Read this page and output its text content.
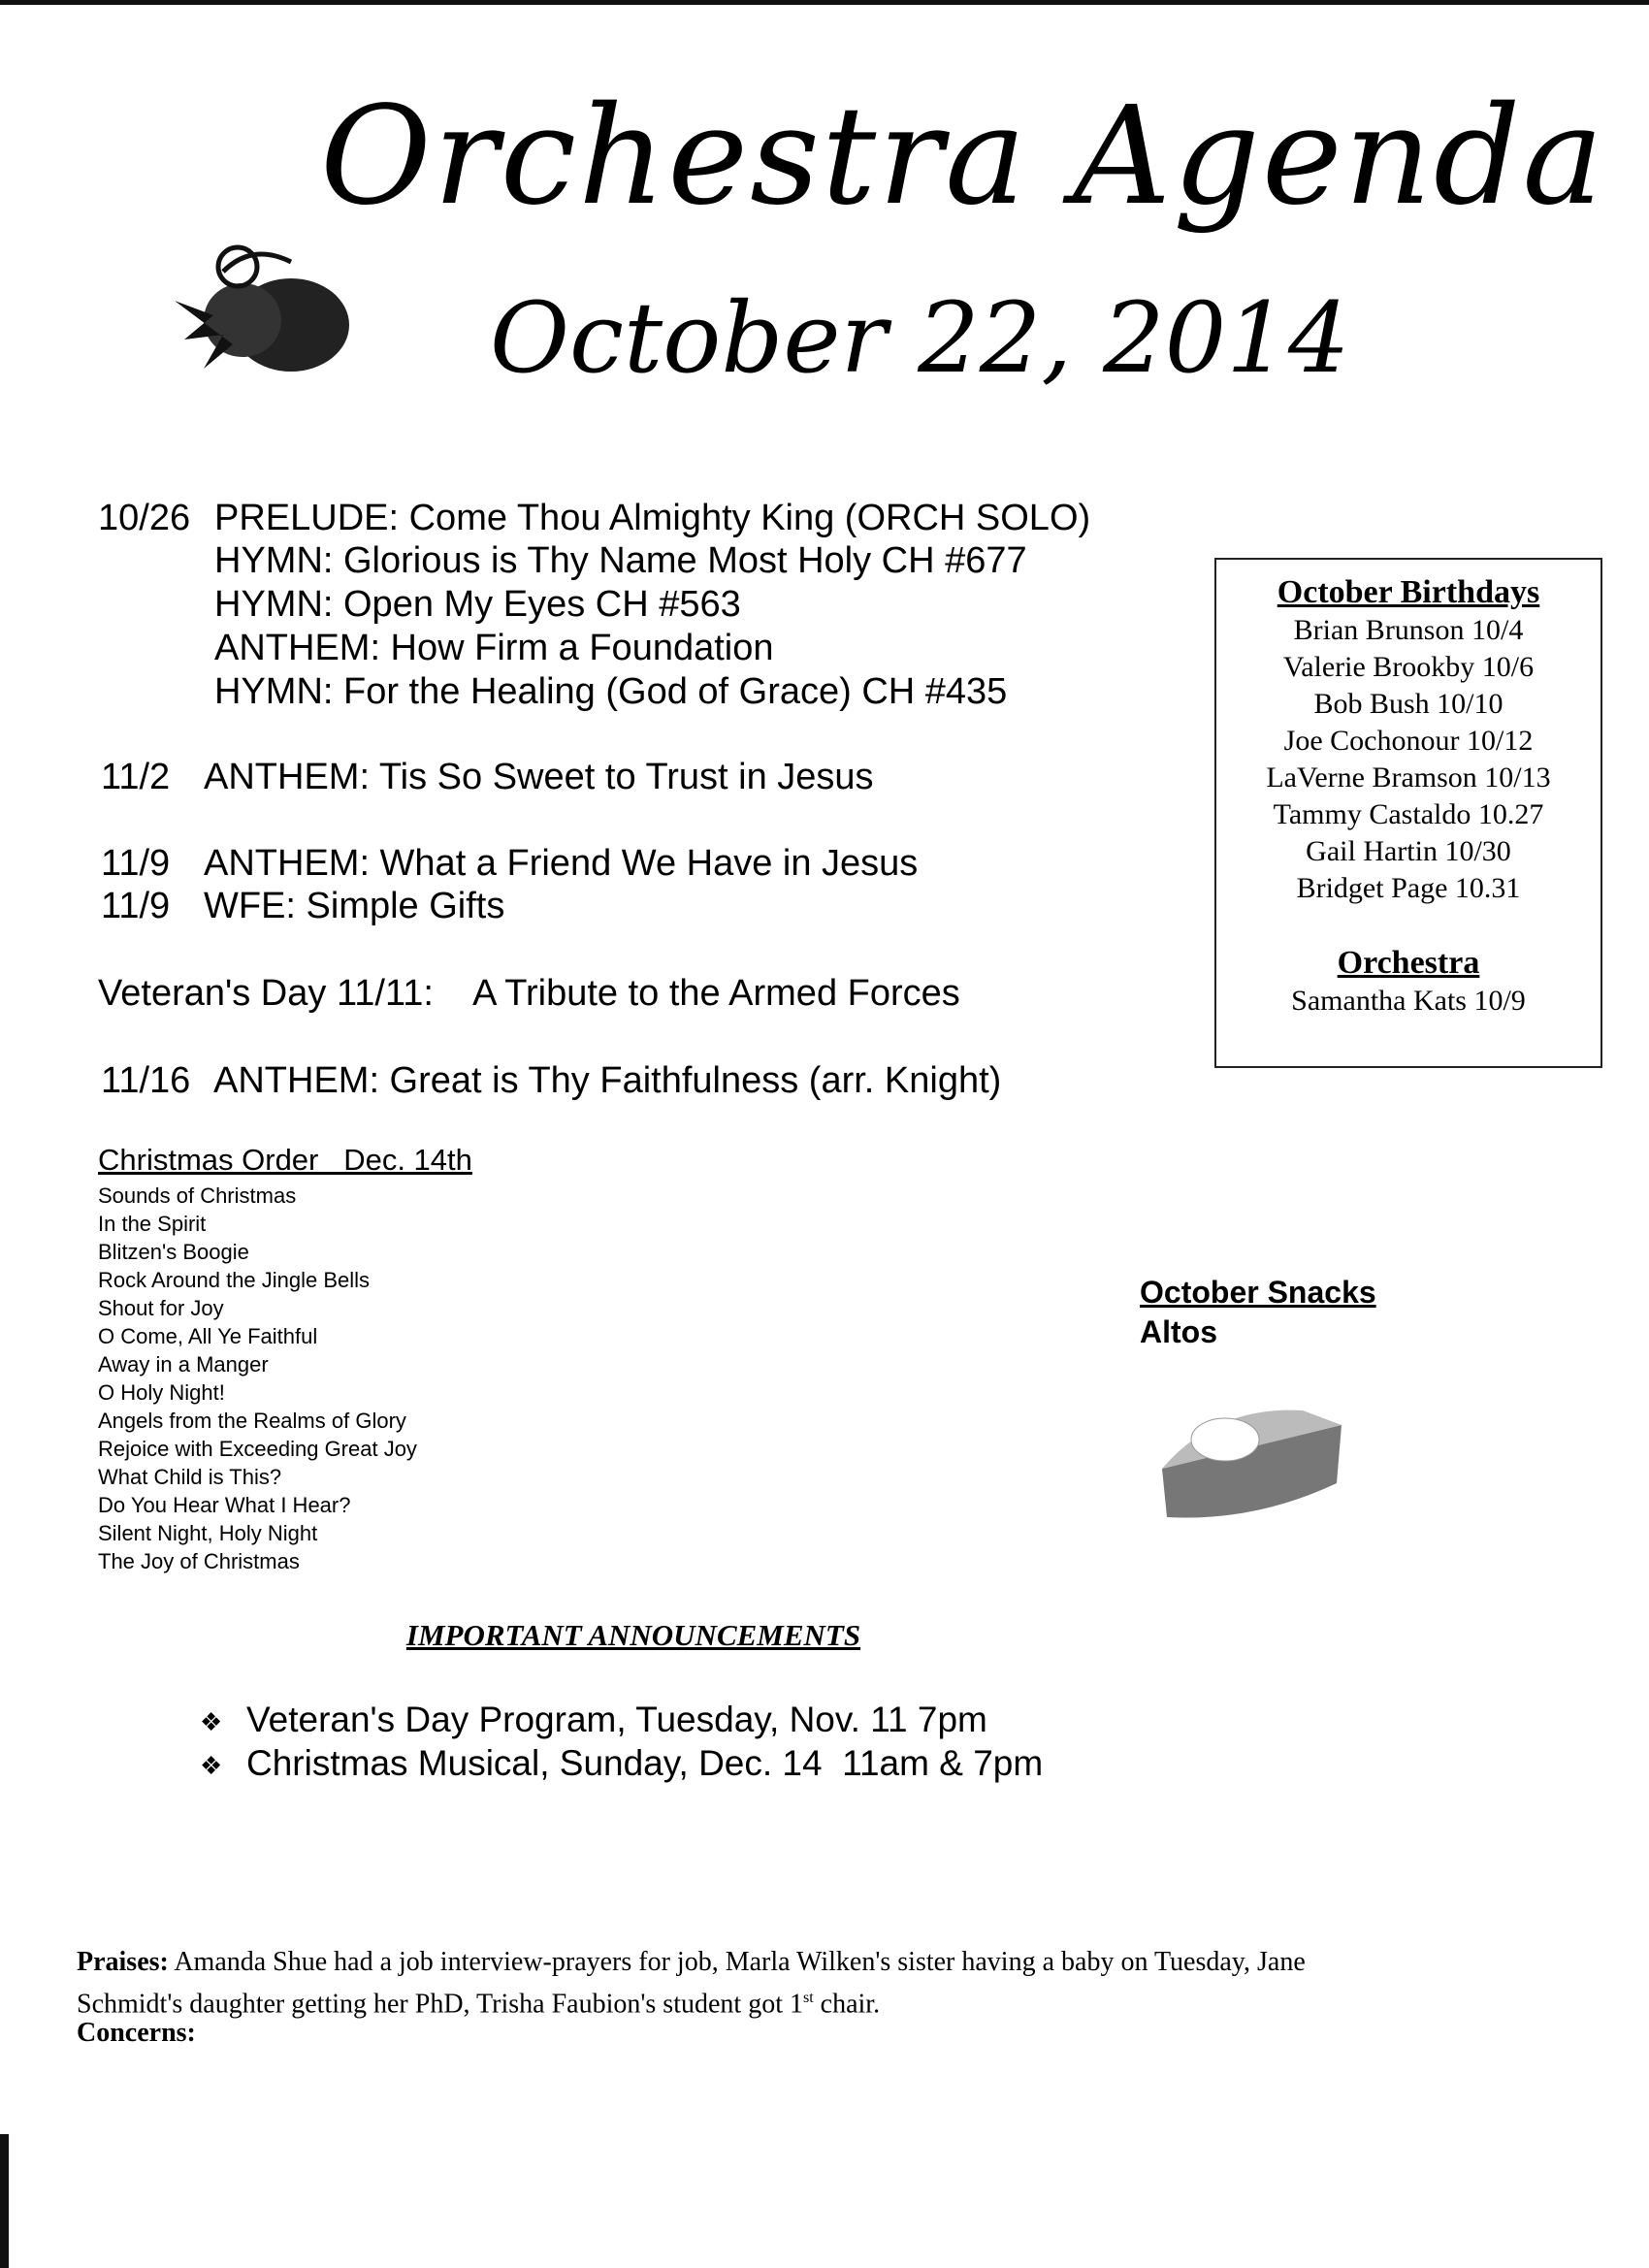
Orchestra Agenda
October 22, 2014
10/26 PRELUDE: Come Thou Almighty King (ORCH SOLO)
HYMN: Glorious is Thy Name Most Holy CH #677
HYMN: Open My Eyes CH #563
ANTHEM: How Firm a Foundation
HYMN: For the Healing (God of Grace) CH #435
11/2 ANTHEM: Tis So Sweet to Trust in Jesus
11/9 ANTHEM: What a Friend We Have in Jesus
11/9 WFE: Simple Gifts
Veteran's Day 11/11:    A Tribute to the Armed Forces
11/16 ANTHEM: Great is Thy Faithfulness (arr. Knight)
Christmas Order   Dec. 14th
Sounds of Christmas
In the Spirit
Blitzen's Boogie
Rock Around the Jingle Bells
Shout for Joy
O Come, All Ye Faithful
Away in a Manger
O Holy Night!
Angels from the Realms of Glory
Rejoice with Exceeding Great Joy
What Child is This?
Do You Hear What I Hear?
Silent Night, Holy Night
The Joy of Christmas
October Birthdays
Brian Brunson 10/4
Valerie Brookby 10/6
Bob Bush 10/10
Joe Cochonour 10/12
LaVerne Bramson 10/13
Tammy Castaldo 10.27
Gail Hartin 10/30
Bridget Page 10.31
Orchestra
Samantha Kats 10/9
October Snacks
Altos
IMPORTANT ANNOUNCEMENTS
❖ Veteran's Day Program, Tuesday, Nov. 11 7pm
❖ Christmas Musical, Sunday, Dec. 14  11am & 7pm
Praises: Amanda Shue had a job interview-prayers for job, Marla Wilken's sister having a baby on Tuesday, Jane
Schmidt's daughter getting her PhD, Trisha Faubion's student got 1st chair.
Concerns:
